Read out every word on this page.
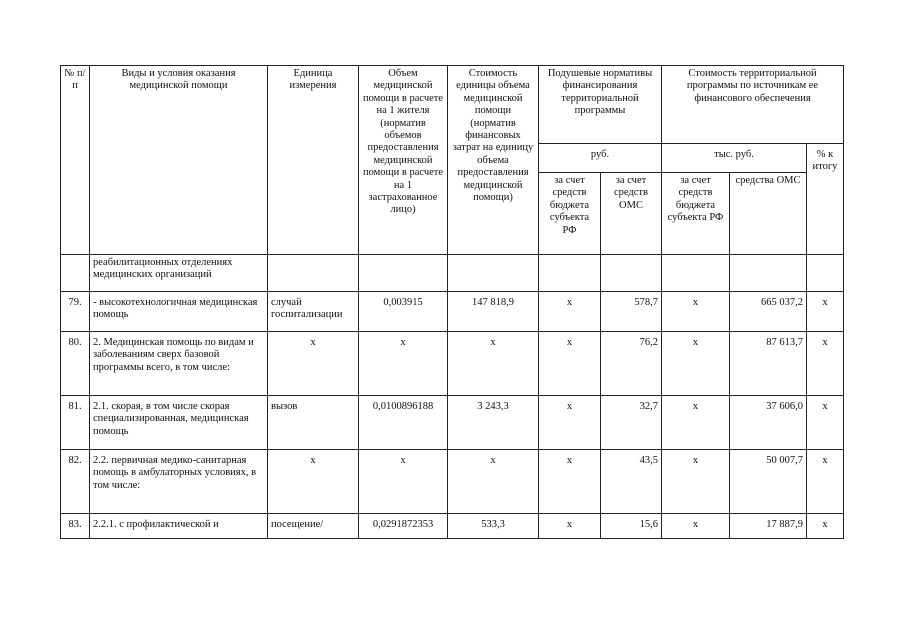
№ п/п	Виды и условия оказания медицинской помощи	Единица измерения	Объем медицинской помощи в расчете на 1 жителя (норматив объемов предоставления медицинской помощи в расчете на 1 застрахованное лицо)	Стоимость единицы объема медицинской помощи (норматив финансовых затрат на единицу объема предоставления медицинской помощи)	Подушевые нормативы финансирования территориальной программы		Стоимость территориальной программы по источникам ее финансового обеспечения		
					руб.		тыс. руб.		% к итогу
					за счет средств бюджета субъекта РФ	за счет средств ОМС	за счет средств бюджета субъекта РФ	средства ОМС	
	реабилитационных отделениях медицинских организаций								
79.	- высокотехнологичная медицинская помощь	случай госпитализации	0,003915	147 818,9	х	578,7	х	665 037,2	х
80.	2. Медицинская помощь по видам и заболеваниям сверх базовой программы всего, в том числе:	х	х	х	х	76,2	х	87 613,7	х
81.	2.1. скорая, в том числе скорая специализированная, медицинская помощь	вызов	0,0100896188	3 243,3	х	32,7	х	37 606,0	х
82.	2.2. первичная медико-санитарная помощь в амбулаторных условиях, в том числе:	х	х	х	х	43,5	х	50 007,7	х
83.	2.2.1. с профилактической и	посещение/	0,0291872353	533,3	х	15,6	х	17 887,9	х
